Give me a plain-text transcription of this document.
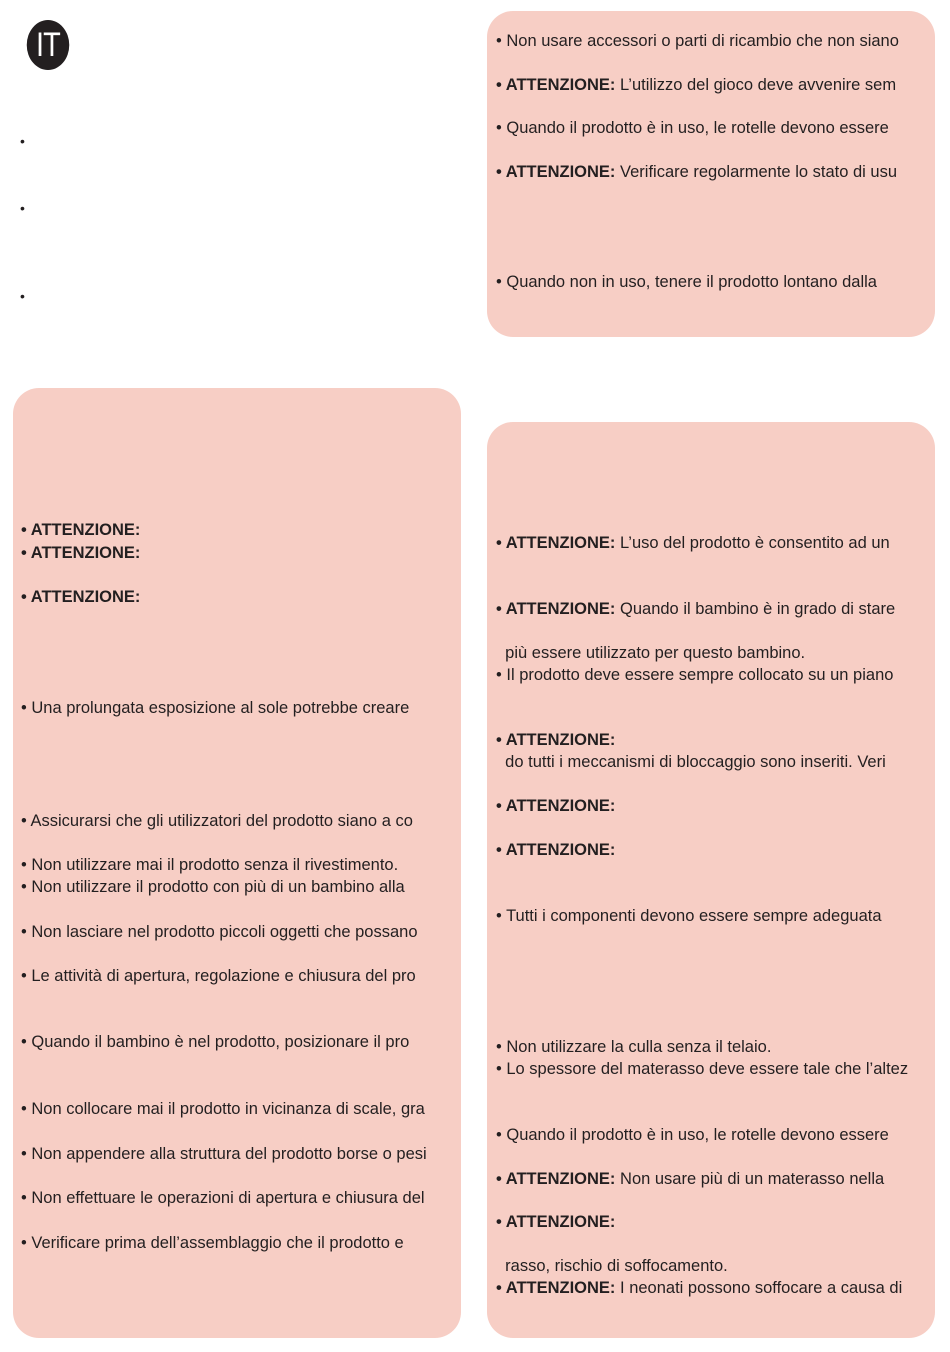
IT
•
•
•
• Non usare accessori o parti di ricambio che non siano
• ATTENZIONE: L’utilizzo del gioco deve avvenire sem
• Quando il prodotto è in uso, le rotelle devono essere
• ATTENZIONE: Verificare regolarmente lo stato di usu
• Quando non in uso, tenere il prodotto lontano dalla
• ATTENZIONE:
• ATTENZIONE:
• ATTENZIONE:
• Una prolungata esposizione al sole potrebbe creare
• Assicurarsi che gli utilizzatori del prodotto siano a co
• Non utilizzare mai il prodotto senza il rivestimento.
• Non utilizzare il prodotto con più di un bambino alla
• Non lasciare nel prodotto piccoli oggetti che possano
• Le attività di apertura, regolazione e chiusura del pro
• Quando il bambino è nel prodotto, posizionare il pro
• Non collocare mai il prodotto in vicinanza di scale, gra
• Non appendere alla struttura del prodotto borse o pesi
• Non effettuare le operazioni di apertura e chiusura del
• Verificare prima dell’assemblaggio che il prodotto e
• ATTENZIONE: L’uso del prodotto è consentito ad un
• ATTENZIONE: Quando il bambino è in grado di stare
più essere utilizzato per questo bambino.
• Il prodotto deve essere sempre collocato su un piano
• ATTENZIONE:
do tutti i meccanismi di bloccaggio sono inseriti. Veri
• ATTENZIONE:
• ATTENZIONE:
• Tutti i componenti devono essere sempre adeguata
• Non utilizzare la culla senza il telaio.
• Lo spessore del materasso deve essere tale che l’altez
• Quando il prodotto è in uso, le rotelle devono essere
• ATTENZIONE: Non usare più di un materasso nella
• ATTENZIONE:
rasso, rischio di soffocamento.
• ATTENZIONE: I neonati possono soffocare a causa di
